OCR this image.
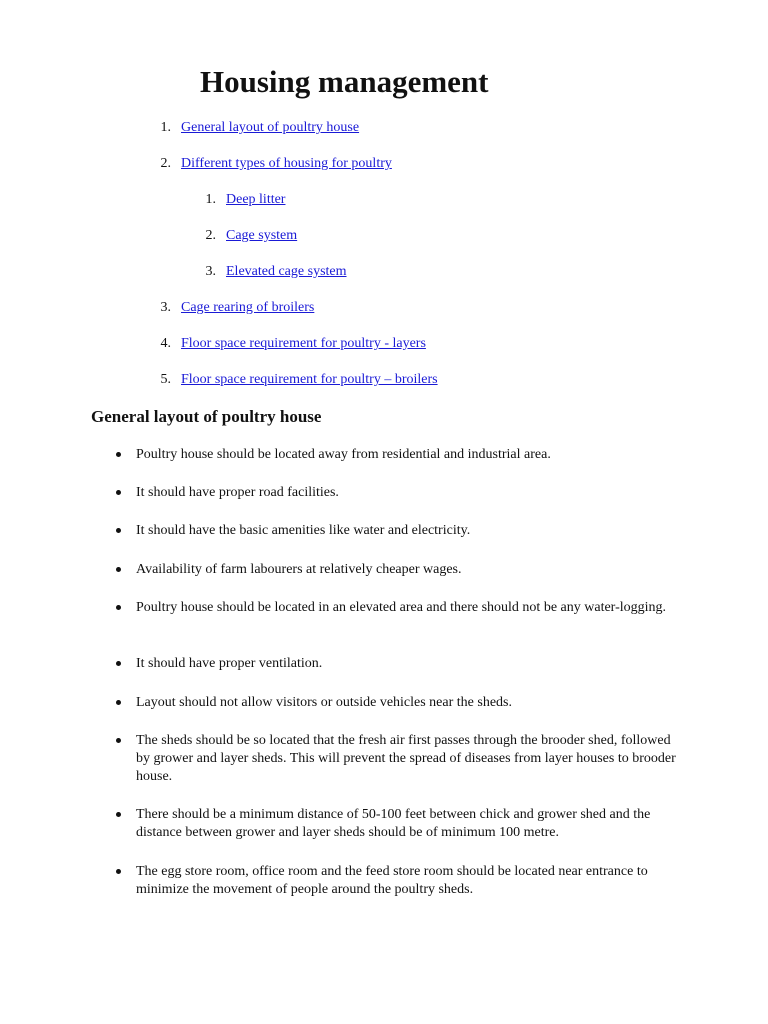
Housing management
1. General layout of poultry house
2. Different types of housing for poultry
1. Deep litter
2. Cage system
3. Elevated cage system
3. Cage rearing of broilers
4. Floor space requirement for poultry - layers
5. Floor space requirement for poultry – broilers
General layout of poultry house
Poultry house should be located away from residential and industrial area.
It should have proper road facilities.
It should have the basic amenities like water and electricity.
Availability of farm labourers at relatively cheaper wages.
Poultry house should be located in an elevated area and there should not be any water-logging.
It should have proper ventilation.
Layout should not allow visitors or outside vehicles near the sheds.
The sheds should be so located that the fresh air first passes through the brooder shed, followed by grower and layer sheds. This will prevent the spread of diseases from layer houses to brooder house.
There should be a minimum distance of 50-100 feet between chick and grower shed and the distance between grower and layer sheds should be of minimum 100 metre.
The egg store room, office room and the feed store room should be located near entrance to minimize the movement of people around the poultry sheds.
